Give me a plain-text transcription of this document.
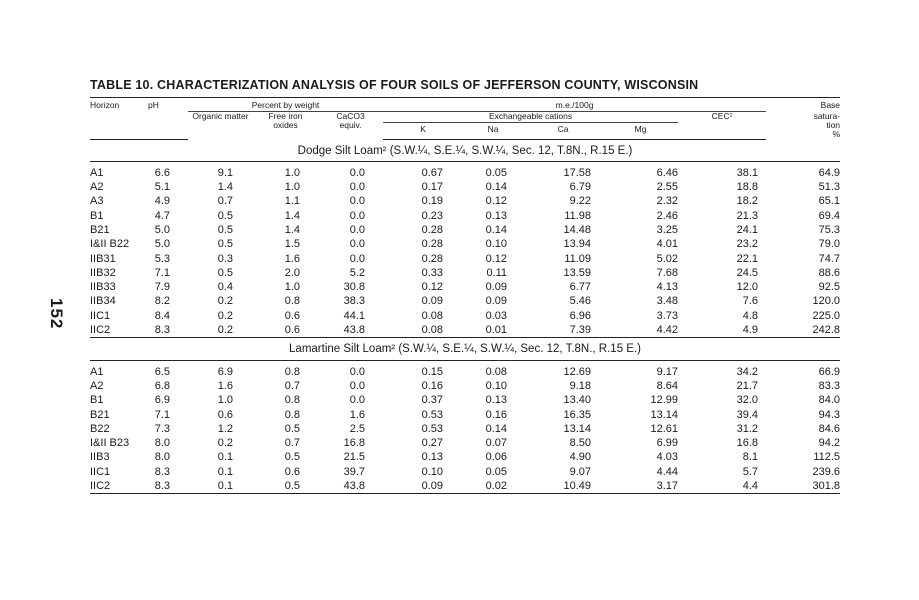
152
TABLE 10. CHARACTERIZATION ANALYSIS OF FOUR SOILS OF JEFFERSON COUNTY, WISCONSIN
Horizon	pH	Percent by weight			m.e./100g					Base
		Organic matter	Free iron oxides	CaCO3 equiv.	Exchangeable cations				CEC¹	satura-
tion
%
					K	Na	Ca	Mg		
Dodge Silt Loam² (S.W.¼, S.E.¼, S.W.¼, Sec. 12, T.8N., R.15 E.)										
A1	6.6	9.1	1.0	0.0	0.67	0.05	17.58	6.46	38.1	64.9
A2	5.1	1.4	1.0	0.0	0.17	0.14	6.79	2.55	18.8	51.3
A3	4.9	0.7	1.1	0.0	0.19	0.12	9.22	2.32	18.2	65.1
B1	4.7	0.5	1.4	0.0	0.23	0.13	11.98	2.46	21.3	69.4
B21	5.0	0.5	1.4	0.0	0.28	0.14	14.48	3.25	24.1	75.3
I&II B22	5.0	0.5	1.5	0.0	0.28	0.10	13.94	4.01	23.2	79.0
IIB31	5.3	0.3	1.6	0.0	0.28	0.12	11.09	5.02	22.1	74.7
IIB32	7.1	0.5	2.0	5.2	0.33	0.11	13.59	7.68	24.5	88.6
IIB33	7.9	0.4	1.0	30.8	0.12	0.09	6.77	4.13	12.0	92.5
IIB34	8.2	0.2	0.8	38.3	0.09	0.09	5.46	3.48	7.6	120.0
IIC1	8.4	0.2	0.6	44.1	0.08	0.03	6.96	3.73	4.8	225.0
IIC2	8.3	0.2	0.6	43.8	0.08	0.01	7.39	4.42	4.9	242.8
Lamartine Silt Loam² (S.W.¼, S.E.¼, S.W.¼, Sec. 12, T.8N., R.15 E.)										
A1	6.5	6.9	0.8	0.0	0.15	0.08	12.69	9.17	34.2	66.9
A2	6.8	1.6	0.7	0.0	0.16	0.10	9.18	8.64	21.7	83.3
B1	6.9	1.0	0.8	0.0	0.37	0.13	13.40	12.99	32.0	84.0
B21	7.1	0.6	0.8	1.6	0.53	0.16	16.35	13.14	39.4	94.3
B22	7.3	1.2	0.5	2.5	0.53	0.14	13.14	12.61	31.2	84.6
I&II B23	8.0	0.2	0.7	16.8	0.27	0.07	8.50	6.99	16.8	94.2
IIB3	8.0	0.1	0.5	21.5	0.13	0.06	4.90	4.03	8.1	112.5
IIC1	8.3	0.1	0.6	39.7	0.10	0.05	9.07	4.44	5.7	239.6
IIC2	8.3	0.1	0.5	43.8	0.09	0.02	10.49	3.17	4.4	301.8
